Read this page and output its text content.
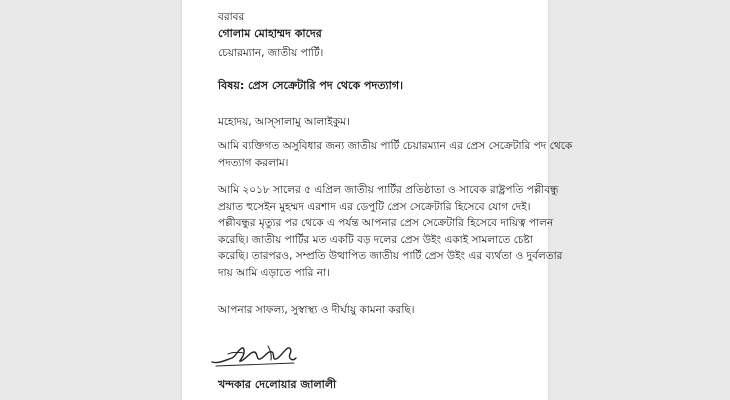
বরাবর
গোলাম মোহাম্মদ কাদের
চেয়ারম্যান, জাতীয় পার্টি।
বিষয়: প্রেস সেক্রেটারি পদ থেকে পদত্যাগ।
মহোদয়, আস্সালামু আলাইকুম।
আমি ব্যক্তিগত অসুবিধার জন্য জাতীয় পার্টি চেয়ারম্যান এর প্রেস সেক্রেটারি পদ থেকে
পদত্যাগ করলাম।
আমি ২০১৮ সালের ৫ এপ্রিল জাতীয় পার্টির প্রতিষ্ঠাতা ও সাবেক রাষ্ট্রপতি পল্লীবন্ধু
প্রয়াত হুসেইন মুহম্মদ এরশাদ এর ডেপুটি প্রেস সেক্রেটারি হিসেবে যোগ দেই।
পল্লীবন্ধুর মৃত্যুর পর থেকে এ পর্যন্ত আপনার প্রেস সেক্রেটারি হিসেবে দায়িত্ব পালন
করেছি। জাতীয় পার্টির মত একটি বড় দলের প্রেস উইং একাই সামলাতে চেষ্টা
করেছি। তারপরও, সম্প্রতি উত্থাপিত জাতীয় পার্টি প্রেস উইং এর ব্যর্থতা ও দুর্বলতার
দায় আমি এড়াতে পারি না।
আপনার সাফল্য, সুস্বাস্থ্য ও দীর্ঘায়ু কামনা করছি।
খন্দকার দেলোয়ার জালালী
